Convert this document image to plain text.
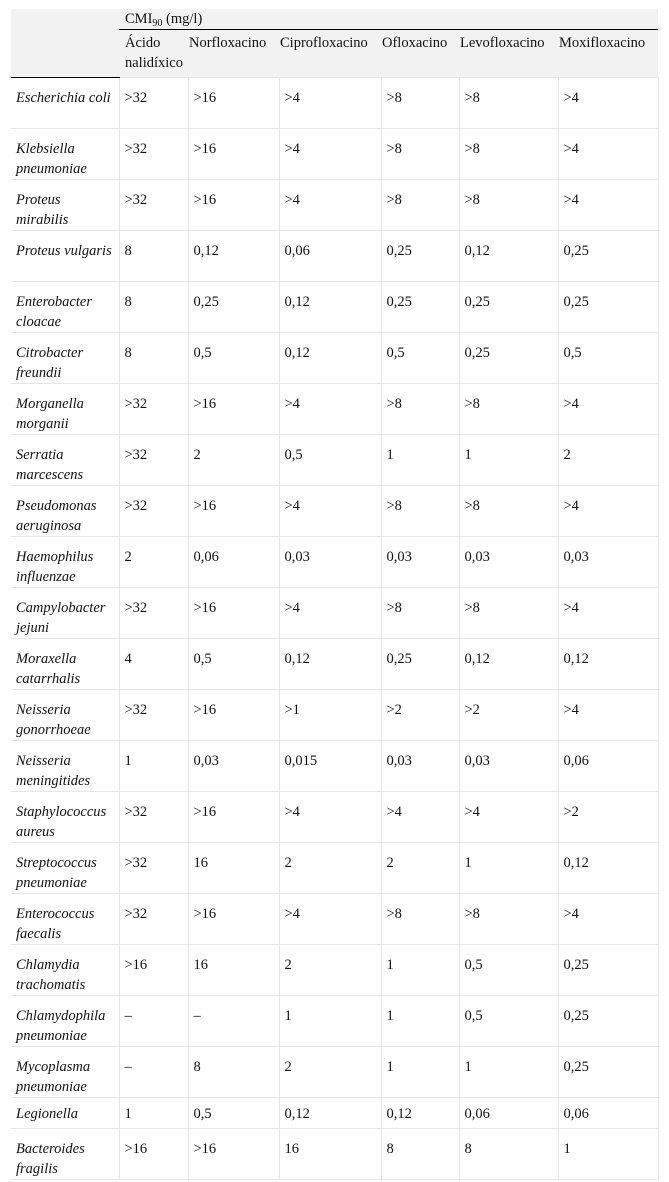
	$CMI_{90}$ (mg/l)					
	Ácido nalidíxico	Norfloxacino	Ciprofloxacino	Ofloxacino	Levofloxacino	Moxifloxacino
Escherichia coli	>32	>16	>4	>8	>8	>4
Klebsiella pneumoniae	>32	>16	>4	>8	>8	>4
Proteus mirabilis	>32	>16	>4	>8	>8	>4
Proteus vulgaris	8	0,12	0,06	0,25	0,12	0,25
Enterobacter cloacae	8	0,25	0,12	0,25	0,25	0,25
Citrobacter freundii	8	0,5	0,12	0,5	0,25	0,5
Morganella morganii	>32	>16	>4	>8	>8	>4
Serratia marcescens	>32	2	0,5	1	1	2
Pseudomonas aeruginosa	>32	>16	>4	>8	>8	>4
Haemophilus influenzae	2	0,06	0,03	0,03	0,03	0,03
Campylobacter jejuni	>32	>16	>4	>8	>8	>4
Moraxella catarrhalis	4	0,5	0,12	0,25	0,12	0,12
Neisseria gonorrhoeae	>32	>16	>1	>2	>2	>4
Neisseria meningitides	1	0,03	0,015	0,03	0,03	0,06
Staphylococcus aureus	>32	>16	>4	>4	>4	>2
Streptococcus pneumoniae	>32	16	2	2	1	0,12
Enterococcus faecalis	>32	>16	>4	>8	>8	>4
Chlamydia trachomatis	>16	16	2	1	0,5	0,25
Chlamydophila pneumoniae	–	–	1	1	0,5	0,25
Mycoplasma pneumoniae	–	8	2	1	1	0,25
Legionella	1	0,5	0,12	0,12	0,06	0,06
Bacteroides fragilis	>16	>16	16	8	8	1
